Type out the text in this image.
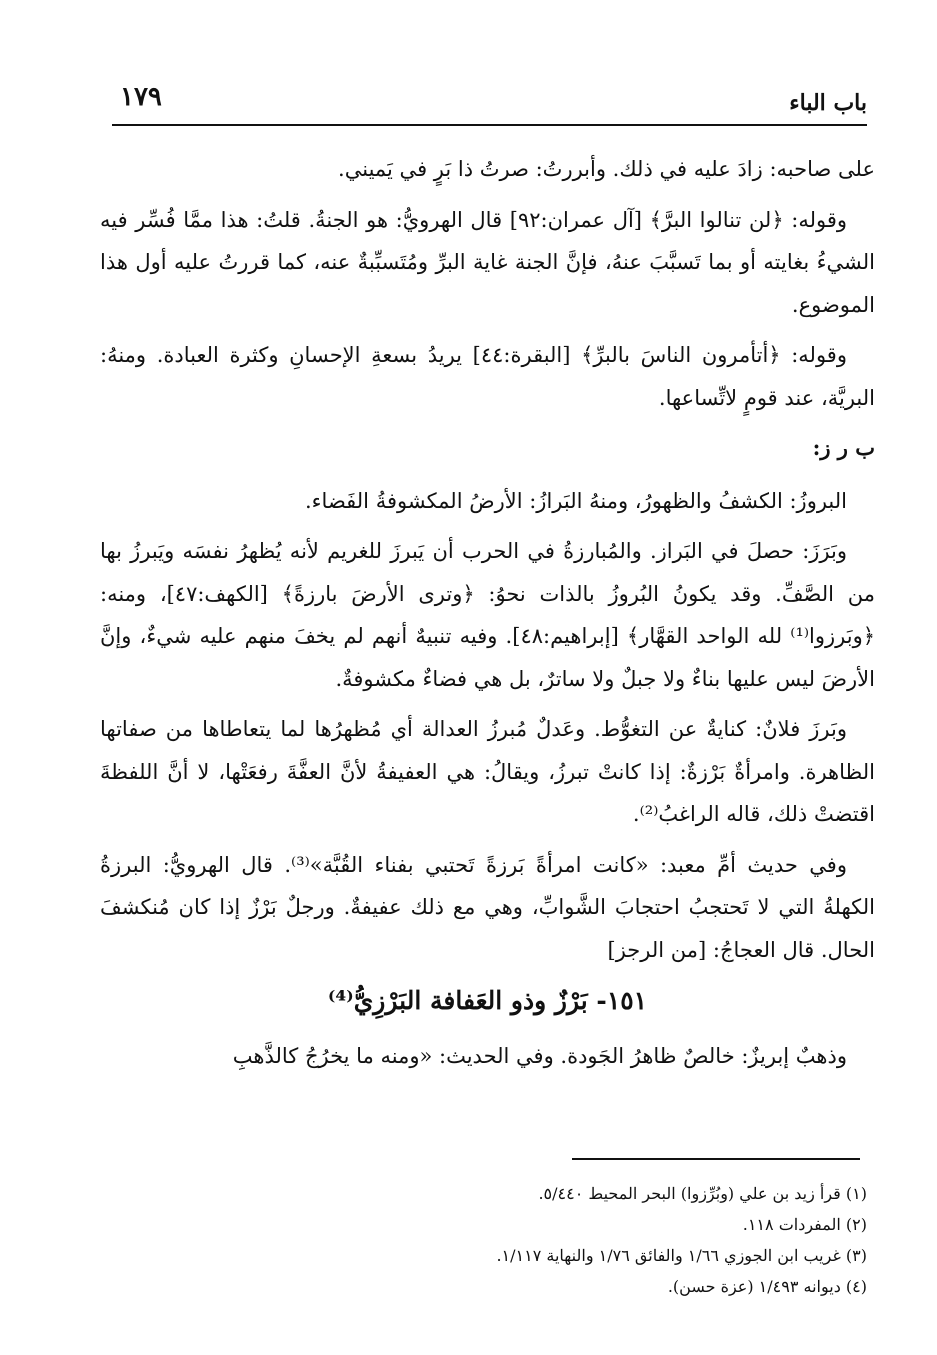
باب الباء
١٧٩

على صاحبه: زادَ عليه في ذلك. وأبررتُ: صرتُ ذا بَرٍ في يَميني.

وقوله: ﴿لن تنالوا البرَّ﴾ [آل عمران:٩٢] قال الهرويُّ: هو الجنةُ. قلتُ: هذا ممَّا فُسِّر فيه الشيءُ بغايته أو بما تَسبَّبَ عنهُ، فإنَّ الجنة غاية البرِّ ومُتَسبِّبةٌ عنه، كما قررتُ عليه أول هذا الموضوع.

وقوله: ﴿أتأمرون الناسَ بالبرِّ﴾ [البقرة:٤٤] يريدُ بسعةِ الإحسانِ وكثرة العبادة. ومنهُ: البريَّة، عند قومٍ لاتِّساعها.

ب ر ز:

البروزُ: الكشفُ والظهورُ، ومنهُ البَرازُ: الأرضُ المكشوفةُ الفَضاء.

وبَرَزَ: حصلَ في البَراز. والمُبارزةُ في الحرب أن يَبرزَ للغريم لأنه يُظهرُ نفسَه ويَبرزُ بها من الصَّفِّ. وقد يكونُ البُروزُ بالذات نحوُ: ﴿وترى الأرضَ بارزةً﴾ [الكهف:٤٧]، ومنه: ﴿وبَرزوا⁽¹⁾ لله الواحد القهَّار﴾ [إبراهيم:٤٨]. وفيه تنبيهٌ أنهم لم يخفَ منهم عليه شيءٌ، وإنَّ الأرضَ ليس عليها بناءٌ ولا جبلٌ ولا ساترٌ، بل هي فضاءٌ مكشوفةٌ.

وبَرزَ فلانٌ: كنايةٌ عن التغوُّط. وعَدلٌ مُبرزُ العدالة أي مُظهرُها لما يتعاطاها من صفاتها الظاهرة. وامرأةٌ بَرْزةٌ: إذا كانتْ تبرزُ، ويقالُ: هي العفيفةُ لأنَّ العفَّةَ رفعَتْها، لا أنَّ اللفظةَ اقتضتْ ذلك، قاله الراغبُ⁽²⁾.

وفي حديث أمِّ معبد: «كانت امرأةً بَرزةً تَحتبي بفناء القُبَّة»⁽³⁾. قال الهرويُّ: البرزةُ الكهلةُ التي لا تَحتجبُ احتجابَ الشَّوابِّ، وهي مع ذلك عفيفةٌ. ورجلٌ بَرْزٌ إذا كان مُنكشفَ الحال. قال العجاجُ: [من الرجز]

١٥١- بَرْزٌ وذو العَفافة البَرْزِيُّ⁽⁴⁾

وذهبٌ إبريزٌ: خالصٌ ظاهرُ الجَودة. وفي الحديث: «ومنه ما يخرُجُ كالذَّهبِ

(١) قرأ زيد بن علي (وبُرِّزوا) البحر المحيط ٥/٤٤٠.

(٢) المفردات ١١٨.

(٣) غريب ابن الجوزي ١/٦٦ والفائق ١/٧٦ والنهاية ١/١١٧.

(٤) ديوانه ١/٤٩٣ (عزة حسن).
